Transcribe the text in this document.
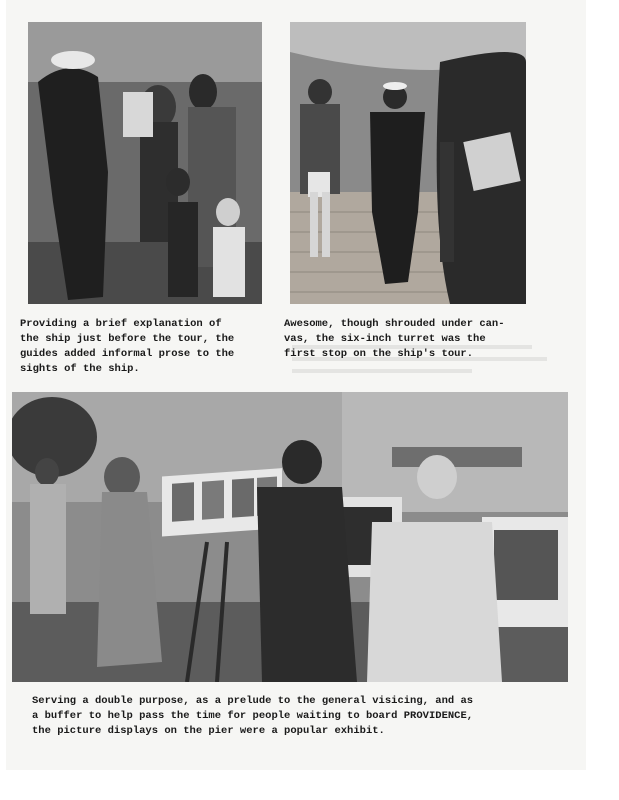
Providing a brief explanation of
the ship just before the tour, the
guides added informal prose to the
sights of the ship.
Awesome, though shrouded under can-
vas, the six-inch turret was the
first stop on the ship's tour.
Serving a double purpose, as a prelude to the general visicing, and as
a buffer to help pass the time for people waiting to board PROVIDENCE,
the picture displays on the pier were a popular exhibit.
